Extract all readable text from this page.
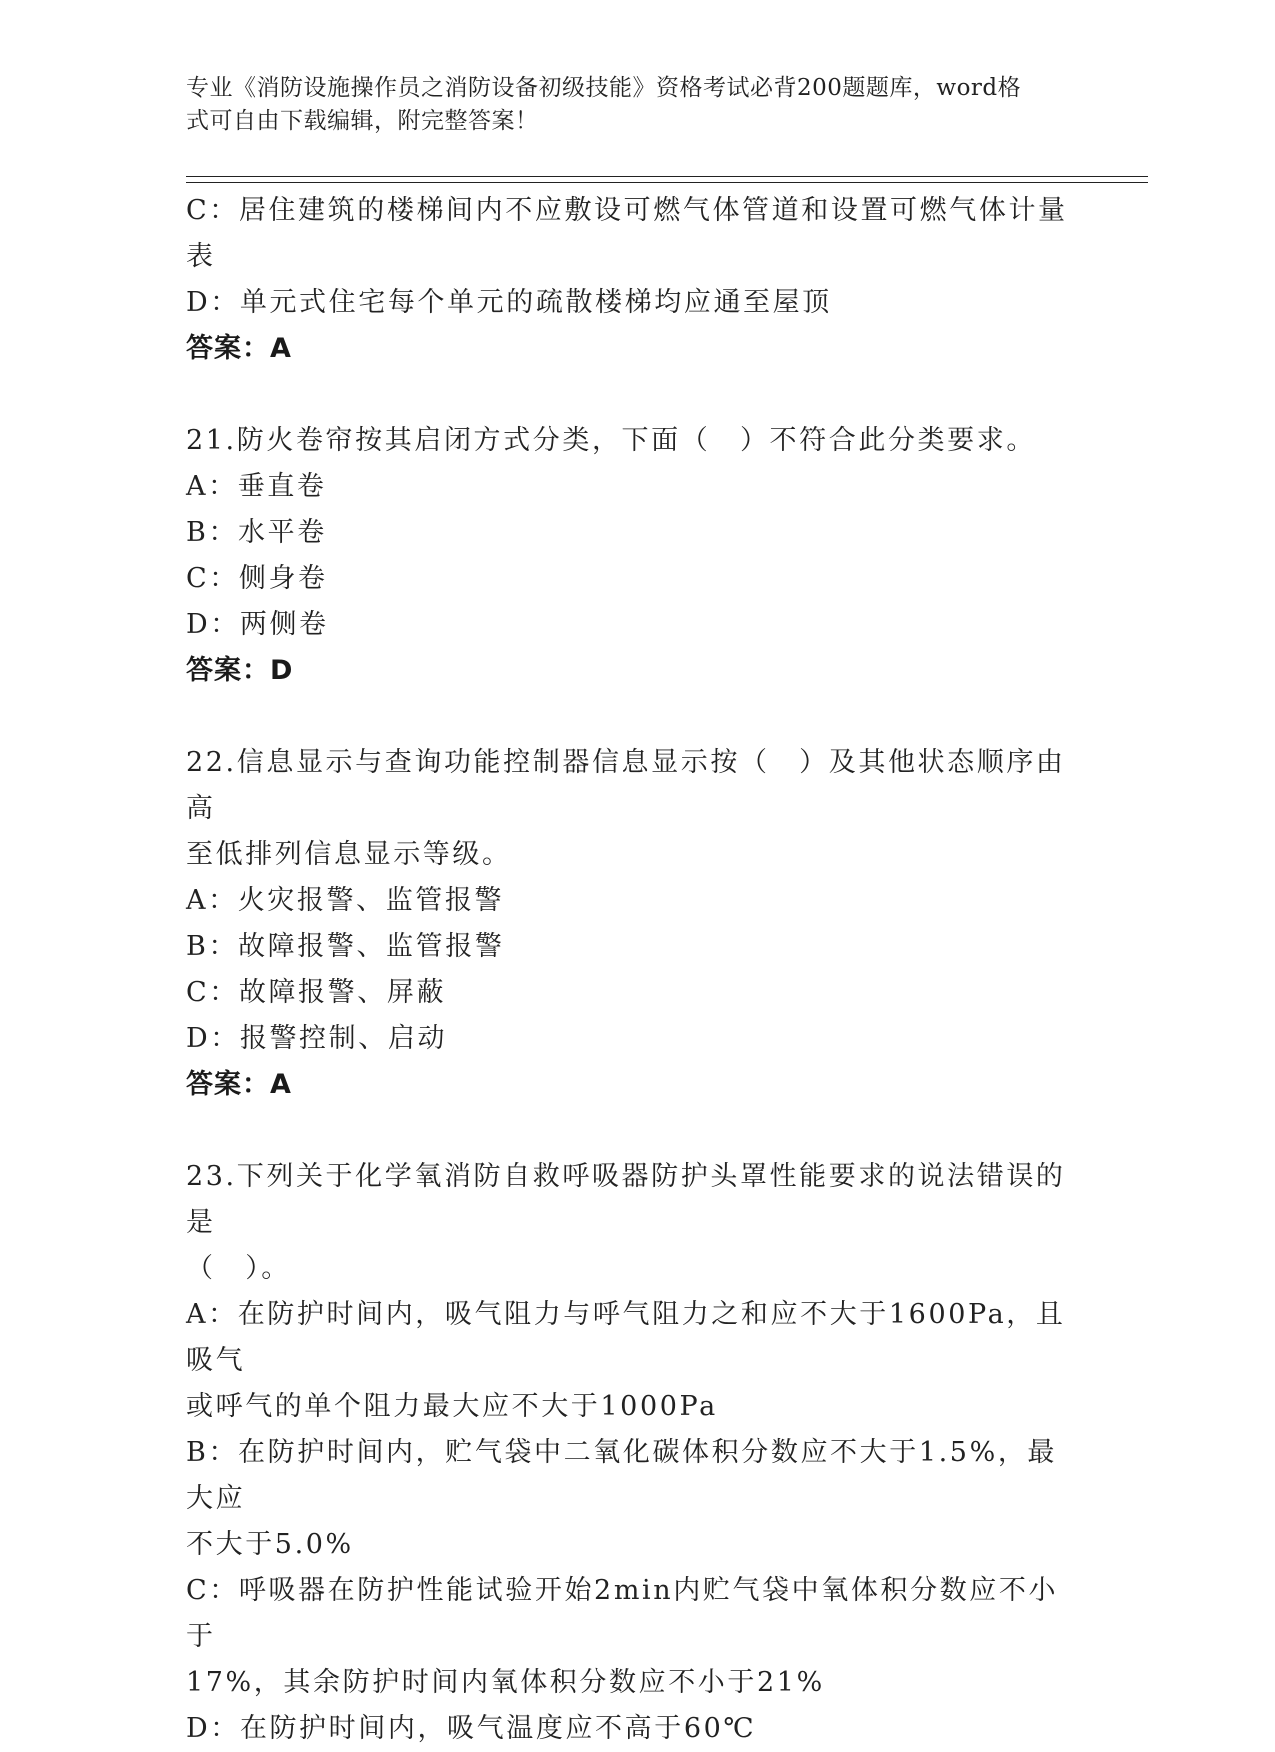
专业《消防设施操作员之消防设备初级技能》资格考试必背200题题库，word格
式可自由下载编辑，附完整答案！
C：居住建筑的楼梯间内不应敷设可燃气体管道和设置可燃气体计量表
D：单元式住宅每个单元的疏散楼梯均应通至屋顶
答案：A
21.防火卷帘按其启闭方式分类，下面（　）不符合此分类要求。
A：垂直卷
B：水平卷
C：侧身卷
D：两侧卷
答案：D
22.信息显示与查询功能控制器信息显示按（　）及其他状态顺序由高
至低排列信息显示等级。
A：火灾报警、监管报警
B：故障报警、监管报警
C：故障报警、屏蔽
D：报警控制、启动
答案：A
23.下列关于化学氧消防自救呼吸器防护头罩性能要求的说法错误的是
（　）。
A：在防护时间内，吸气阻力与呼气阻力之和应不大于1600Pa，且吸气
或呼气的单个阻力最大应不大于1000Pa
B：在防护时间内，贮气袋中二氧化碳体积分数应不大于1.5%，最大应
不大于5.0%
C：呼吸器在防护性能试验开始2min内贮气袋中氧体积分数应不小于
17%，其余防护时间内氧体积分数应不小于21%
D：在防护时间内，吸气温度应不高于60℃
